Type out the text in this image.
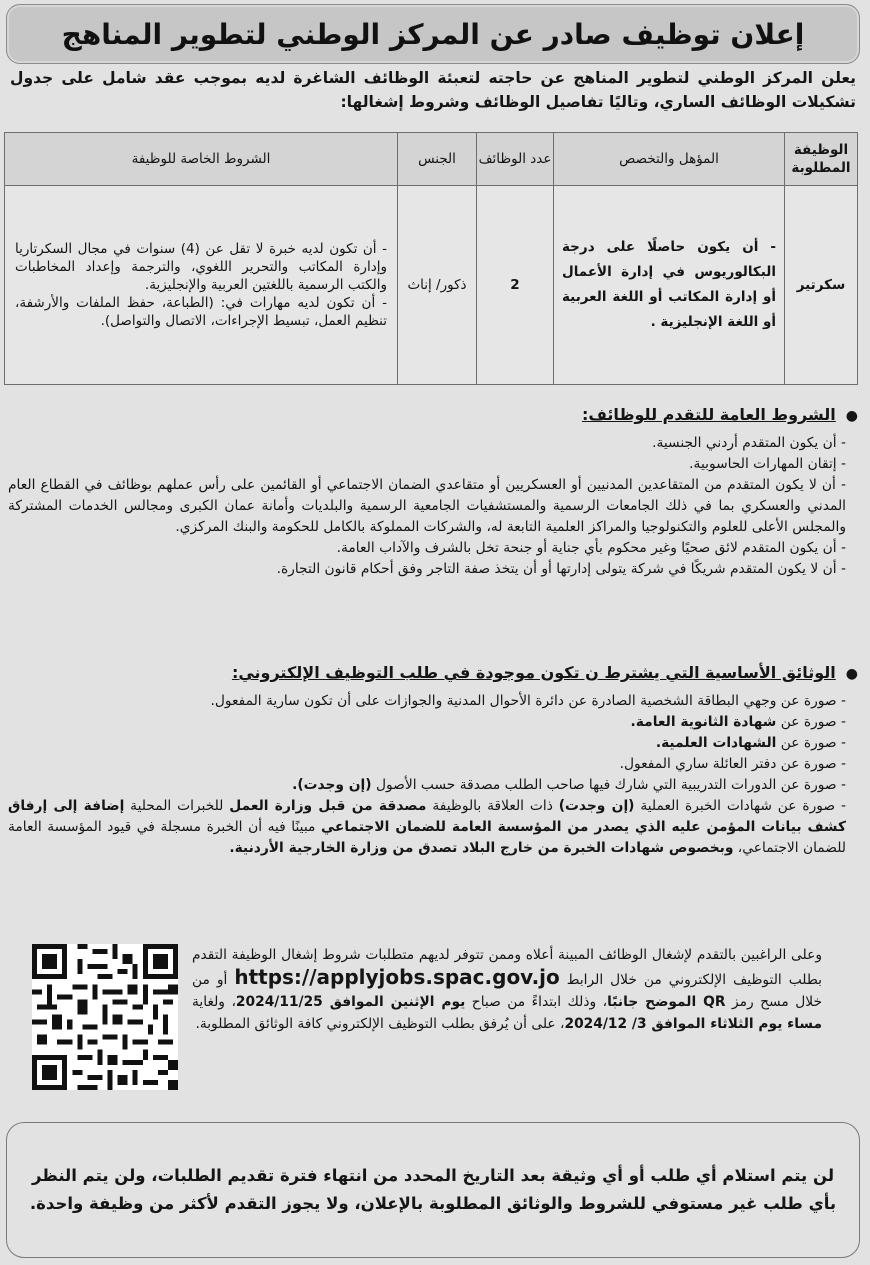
إعلان توظيف صادر عن المركز الوطني لتطوير المناهج
يعلن المركز الوطني لتطوير المناهج عن حاجته لتعبئة الوظائف الشاغرة لديه بموجب عقد شامل على جدول تشكيلات الوظائف الساري، وتاليًا تفاصيل الوظائف وشروط إشغالها:
الوظيفة المطلوبة	المؤهل والتخصص	عدد الوظائف	الجنس	الشروط الخاصة للوظيفة
سكرتير	- أن يكون حاصلًا على درجة البكالوريوس في إدارة الأعمال أو إدارة المكاتب أو اللغة العربية أو اللغة الإنجليزية .	2	ذكور/ إناث	- أن تكون لديه خبرة لا تقل عن (4) سنوات في مجال السكرتاريا وإدارة المكاتب والتحرير اللغوي، والترجمة وإعداد المخاطبات والكتب الرسمية باللغتين العربية والإنجليزية.
- أن تكون لديه مهارات في: (الطباعة، حفظ الملفات والأرشفة، تنظيم العمل، تبسيط الإجراءات، الاتصال والتواصل).
●الشروط العامة للتقدم للوظائف:
- أن يكون المتقدم أردني الجنسية.
- إتقان المهارات الحاسوبية.
- أن لا يكون المتقدم من المتقاعدين المدنيين أو العسكريين أو متقاعدي الضمان الاجتماعي أو القائمين على رأس عملهم بوظائف في القطاع العام المدني والعسكري بما في ذلك الجامعات الرسمية والمستشفيات الجامعية الرسمية والبلديات وأمانة عمان الكبرى ومجالس الخدمات المشتركة والمجلس الأعلى للعلوم والتكنولوجيا والمراكز العلمية التابعة له، والشركات المملوكة بالكامل للحكومة والبنك المركزي.
- أن يكون المتقدم لائق صحيًا وغير محكوم بأي جناية أو جنحة تخل بالشرف والآداب العامة.
- أن لا يكون المتقدم شريكًا في شركة يتولى إدارتها أو أن يتخذ صفة التاجر وفق أحكام قانون التجارة.
●الوثائق الأساسية التي يشترط ن تكون موجودة في طلب التوظيف الإلكتروني:
- صورة عن وجهي البطاقة الشخصية الصادرة عن دائرة الأحوال المدنية والجوازات على أن تكون سارية المفعول.
- صورة عن شهادة الثانوية العامة.
- صورة عن الشهادات العلمية.
- صورة عن دفتر العائلة ساري المفعول.
- صورة عن الدورات التدريبية التي شارك فيها صاحب الطلب مصدقة حسب الأصول (إن وجدت).
- صورة عن شهادات الخبرة العملية (إن وجدت) ذات العلاقة بالوظيفة مصدقة من قبل وزارة العمل للخبرات المحلية إضافة إلى إرفاق كشف بيانات المؤمن عليه الذي يصدر من المؤسسة العامة للضمان الاجتماعي مبينًا فيه أن الخبرة مسجلة في قيود المؤسسة العامة للضمان الاجتماعي، وبخصوص شهادات الخبرة من خارج البلاد تصدق من وزارة الخارجية الأردنية.
وعلى الراغبين بالتقدم لإشغال الوظائف المبينة أعلاه وممن تتوفر لديهم متطلبات شروط إشغال الوظيفة التقدم بطلب التوظيف الإلكتروني من خلال الرابط https://applyjobs.spac.gov.jo أو من خلال مسح رمز QR الموضح جانبًا، وذلك ابتداءً من صباح يوم الإثنين الموافق 2024/11/25، ولغاية مساء يوم الثلاثاء الموافق 3/ 2024/12، على أن يُرفق بطلب التوظيف الإلكتروني كافة الوثائق المطلوبة.

لن يتم استلام أي طلب أو أي وثيقة بعد التاريخ المحدد من انتهاء فترة تقديم الطلبات، ولن يتم النظر بأي طلب غير مستوفي للشروط والوثائق المطلوبة بالإعلان، ولا يجوز التقدم لأكثر من وظيفة واحدة.
